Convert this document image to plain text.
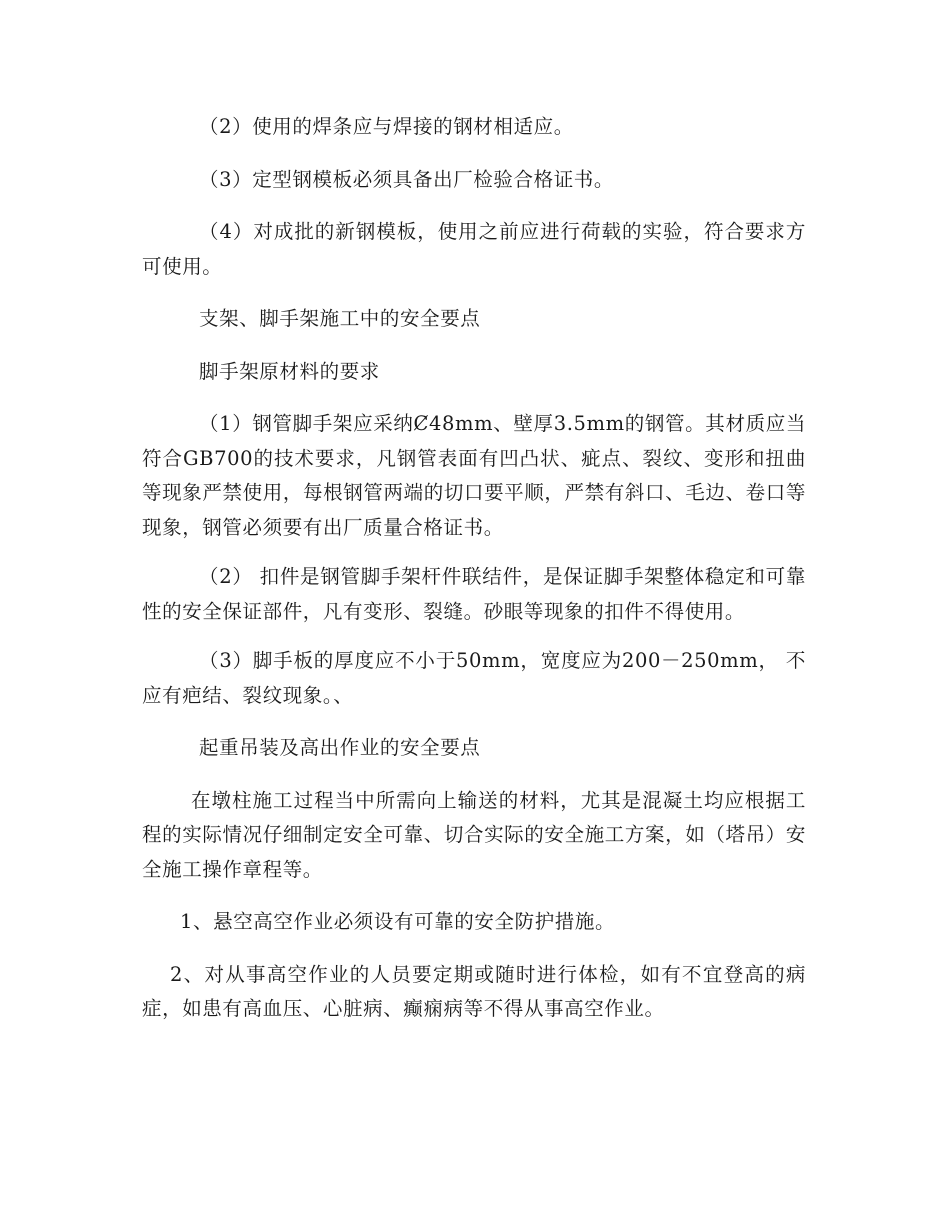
（2）使用的焊条应与焊接的钢材相适应。

（3）定型钢模板必须具备出厂检验合格证书。

（4）对成批的新钢模板，使用之前应进行荷载的实验，符合要求方可使用。

支架、脚手架施工中的安全要点

脚手架原材料的要求

（1）钢管脚手架应采纳Ȼ48mm、壁厚3.5mm的钢管。其材质应当符合GB700的技术要求，凡钢管表面有凹凸状、疵点、裂纹、变形和扭曲等现象严禁使用，每根钢管两端的切口要平顺，严禁有斜口、毛边、卷口等现象，钢管必须要有出厂质量合格证书。

（2） 扣件是钢管脚手架杆件联结件，是保证脚手架整体稳定和可靠性的安全保证部件，凡有变形、裂缝。砂眼等现象的扣件不得使用。

（3）脚手板的厚度应不小于50mm，宽度应为200－250mm， 不应有疤结、裂纹现象。、

起重吊装及高出作业的安全要点

在墩柱施工过程当中所需向上输送的材料，尤其是混凝土均应根据工程的实际情况仔细制定安全可靠、切合实际的安全施工方案，如（塔吊）安全施工操作章程等。

1、悬空高空作业必须设有可靠的安全防护措施。

2、对从事高空作业的人员要定期或随时进行体检，如有不宜登高的病症，如患有高血压、心脏病、癫痫病等不得从事高空作业。
